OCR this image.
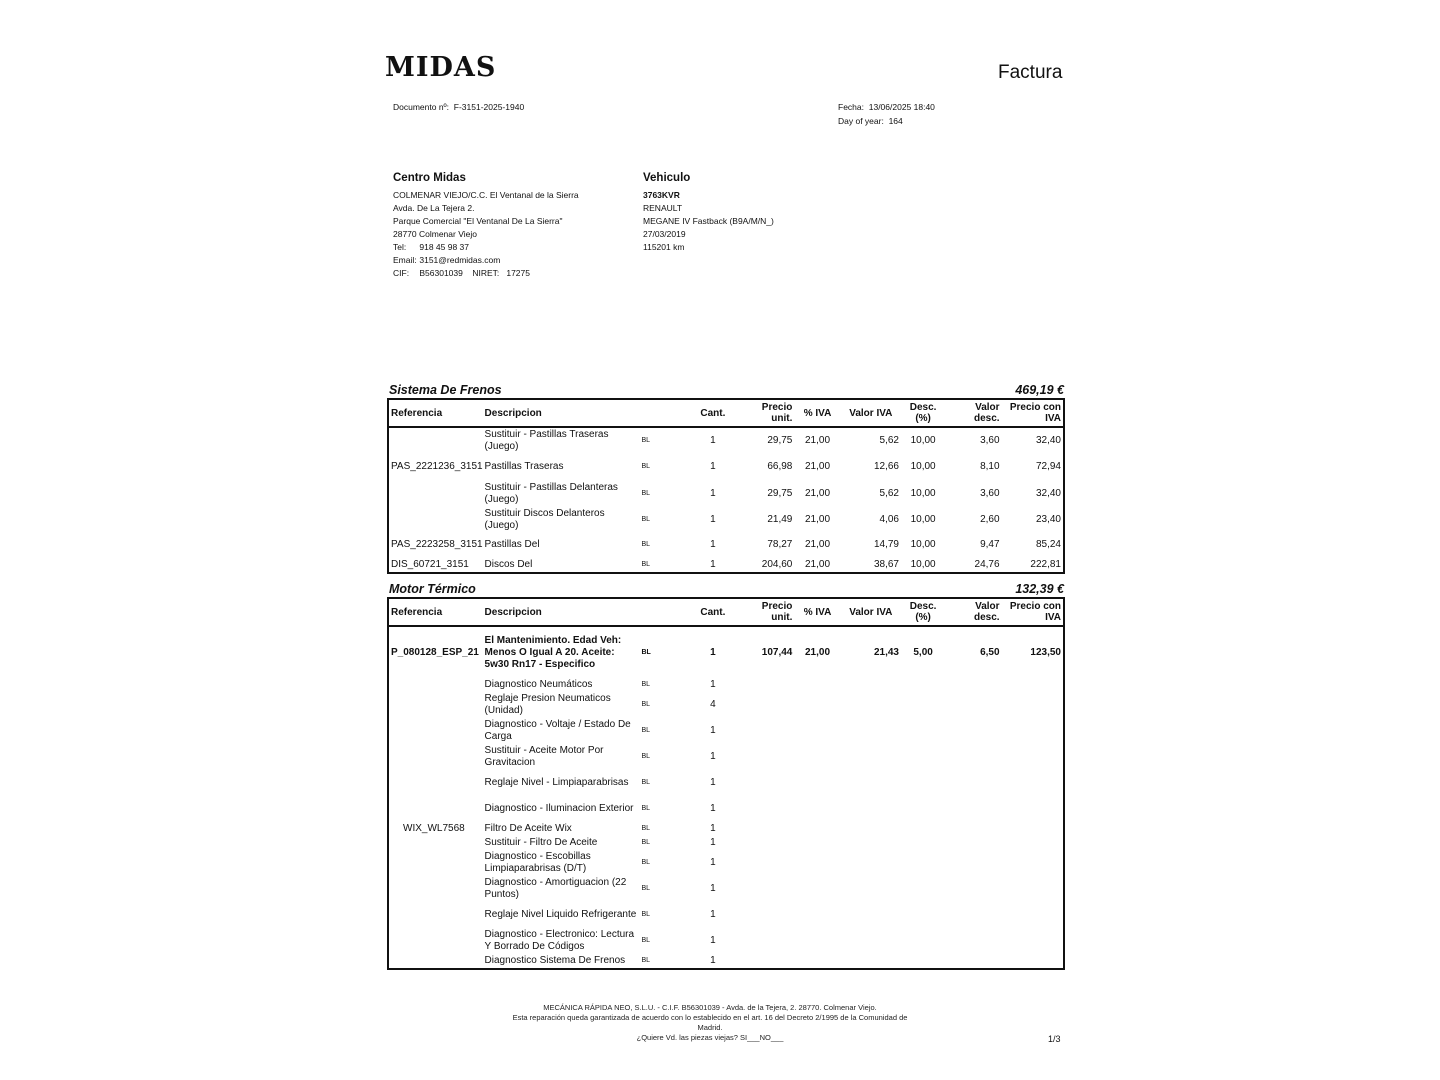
MIDAS	Factura
Documento nº: F-3151-2025-1940	Fecha: 13/06/2025 18:40
Day of year: 164
Centro Midas
COLMENAR VIEJO/C.C. El Ventanal de la Sierra
Avda. De La Tejera 2.
Parque Comercial "El Ventanal De La Sierra"
28770 Colmenar Viejo
Tel: 918 45 98 37
Email: 3151@redmidas.com
CIF: B56301039 NIRET: 17275
Vehiculo
3763KVR
RENAULT
MEGANE IV Fastback (B9A/M/N_)
27/03/2019
115201 km
Sistema De Frenos	469,19 €
Referencia	Descripcion		Cant.	Precio unit.	% IVA	Valor IVA	Desc. (%)	Valor desc.	Precio con IVA
	Sustituir - Pastillas Traseras (Juego)	BL	1	29,75	21,00	5,62	10,00	3,60	32,40
PAS_2221236_3151	Pastillas Traseras	BL	1	66,98	21,00	12,66	10,00	8,10	72,94
	Sustituir - Pastillas Delanteras (Juego)	BL	1	29,75	21,00	5,62	10,00	3,60	32,40
	Sustituir Discos Delanteros (Juego)	BL	1	21,49	21,00	4,06	10,00	2,60	23,40
PAS_2223258_3151	Pastillas Del	BL	1	78,27	21,00	14,79	10,00	9,47	85,24
DIS_60721_3151	Discos Del	BL	1	204,60	21,00	38,67	10,00	24,76	222,81
Motor Térmico	132,39 €
Referencia	Descripcion		Cant.	Precio unit.	% IVA	Valor IVA	Desc. (%)	Valor desc.	Precio con IVA
P_080128_ESP_21	El Mantenimiento. Edad Veh: Menos O Igual A 20. Aceite: 5w30 Rn17 - Especifico	BL	1	107,44	21,00	21,43	5,00	6,50	123,50
	Diagnostico Neumáticos	BL	1						
	Reglaje Presion Neumaticos (Unidad)	BL	4						
	Diagnostico - Voltaje / Estado De Carga	BL	1						
	Sustituir - Aceite Motor Por Gravitacion	BL	1						
	Reglaje Nivel - Limpiaparabrisas	BL	1						
	Diagnostico - Iluminacion Exterior	BL	1						
WIX_WL7568	Filtro De Aceite Wix	BL	1						
	Sustituir - Filtro De Aceite	BL	1						
	Diagnostico - Escobillas Limpiaparabrisas (D/T)	BL	1						
	Diagnostico - Amortiguacion (22 Puntos)	BL	1						
	Reglaje Nivel Liquido Refrigerante	BL	1						
	Diagnostico - Electronico: Lectura Y Borrado De Códigos	BL	1						
	Diagnostico Sistema De Frenos	BL	1						
MECÁNICA RÁPIDA NEO, S.L.U. - C.I.F. B56301039 - Avda. de la Tejera, 2. 28770. Colmenar Viejo.
Esta reparación queda garantizada de acuerdo con lo establecido en el art. 16 del Decreto 2/1995 de la Comunidad de Madrid.
¿Quiere Vd. las piezas viejas? SI___NO___	1/3
